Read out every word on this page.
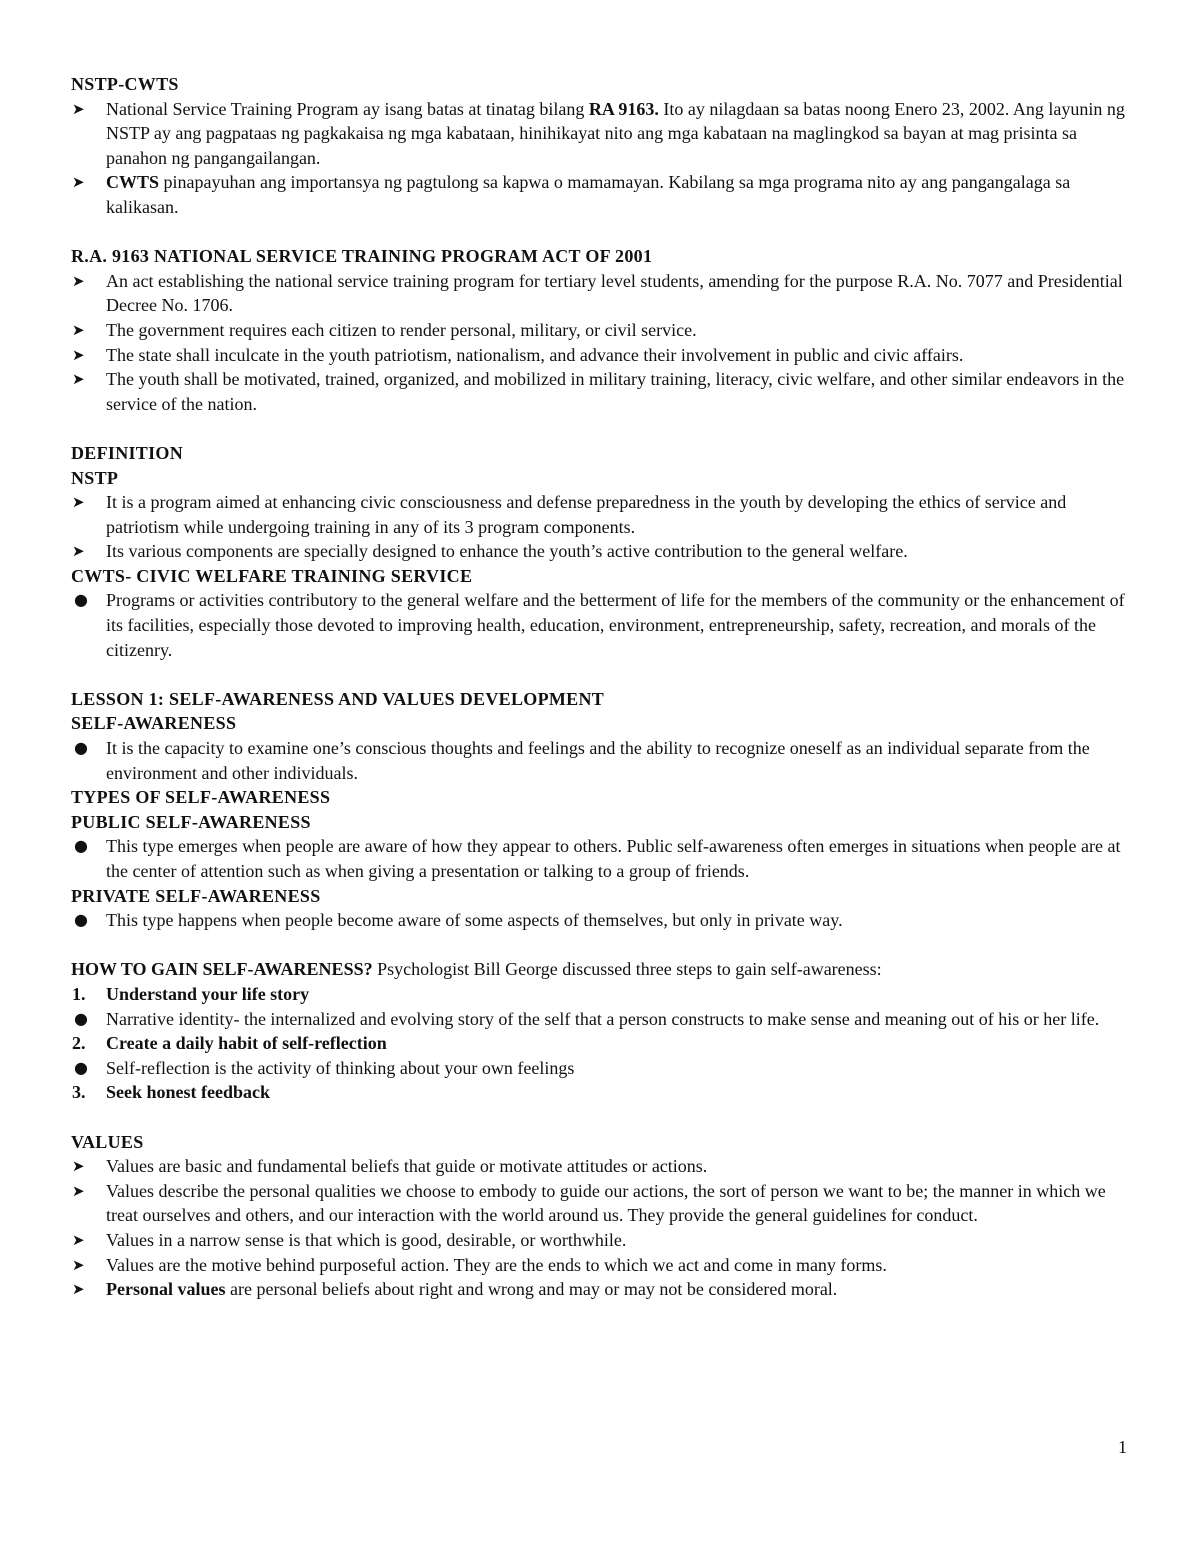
NSTP-CWTS
➤	National Service Training Program ay isang batas at tinatag bilang RA 9163. Ito ay nilagdaan sa batas noong Enero 23, 2002. Ang layunin ng NSTP ay ang pagpataas ng pagkakaisa ng mga kabataan, hinihikayat nito ang mga kabataan na maglingkod sa bayan at mag prisinta sa panahon ng pangangailangan.
➤	CWTS pinapayuhan ang importansya ng pagtulong sa kapwa o mamamayan. Kabilang sa mga programa nito ay ang pangangalaga sa kalikasan.
R.A. 9163 NATIONAL SERVICE TRAINING PROGRAM ACT OF 2001
➤	An act establishing the national service training program for tertiary level students, amending for the purpose R.A. No. 7077 and Presidential Decree No. 1706.
➤	The government requires each citizen to render personal, military, or civil service.
➤	The state shall inculcate in the youth patriotism, nationalism, and advance their involvement in public and civic affairs.
➤	The youth shall be motivated, trained, organized, and mobilized in military training, literacy, civic welfare, and other similar endeavors in the service of the nation.
DEFINITION
NSTP
➤	It is a program aimed at enhancing civic consciousness and defense preparedness in the youth by developing the ethics of service and patriotism while undergoing training in any of its 3 program components.
➤	Its various components are specially designed to enhance the youth’s active contribution to the general welfare.
CWTS- CIVIC WELFARE TRAINING SERVICE
●	Programs or activities contributory to the general welfare and the betterment of life for the members of the community or the enhancement of its facilities, especially those devoted to improving health, education, environment, entrepreneurship, safety, recreation, and morals of the citizenry.
LESSON 1: SELF-AWARENESS AND VALUES DEVELOPMENT
SELF-AWARENESS
●	It is the capacity to examine one’s conscious thoughts and feelings and the ability to recognize oneself as an individual separate from the environment and other individuals.
TYPES OF SELF-AWARENESS
PUBLIC SELF-AWARENESS
●	This type emerges when people are aware of how they appear to others. Public self-awareness often emerges in situations when people are at the center of attention such as when giving a presentation or talking to a group of friends.
PRIVATE SELF-AWARENESS
●	This type happens when people become aware of some aspects of themselves, but only in private way.
HOW TO GAIN SELF-AWARENESS? Psychologist Bill George discussed three steps to gain self-awareness:
1.	Understand your life story
●	Narrative identity- the internalized and evolving story of the self that a person constructs to make sense and meaning out of his or her life.
2.	Create a daily habit of self-reflection
●	Self-reflection is the activity of thinking about your own feelings
3.	Seek honest feedback
VALUES
➤	Values are basic and fundamental beliefs that guide or motivate attitudes or actions.
➤	Values describe the personal qualities we choose to embody to guide our actions, the sort of person we want to be; the manner in which we treat ourselves and others, and our interaction with the world around us. They provide the general guidelines for conduct.
➤	Values in a narrow sense is that which is good, desirable, or worthwhile.
➤	Values are the motive behind purposeful action. They are the ends to which we act and come in many forms.
➤	Personal values are personal beliefs about right and wrong and may or may not be considered moral.
1
